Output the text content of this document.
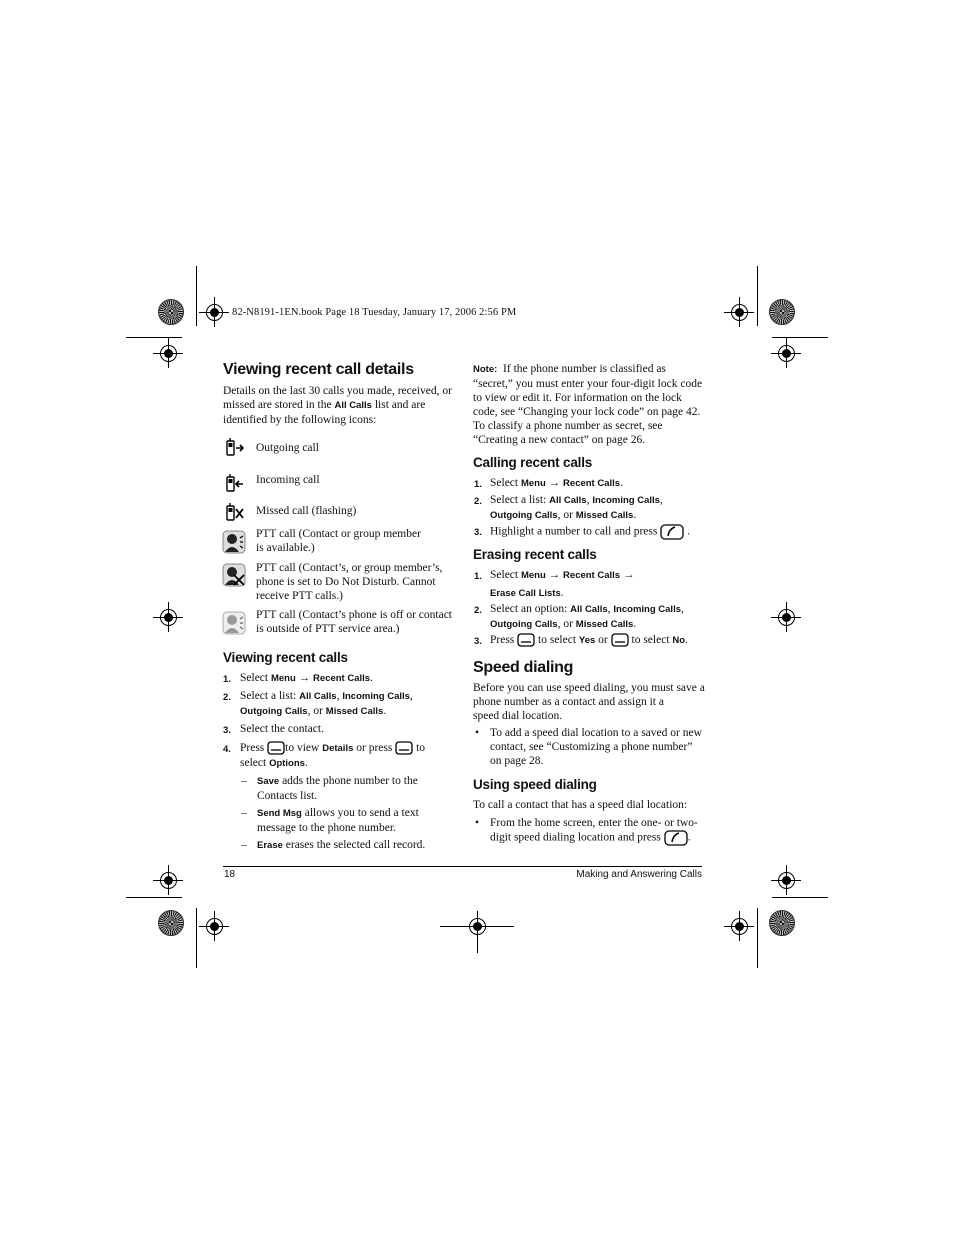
82-N8191-1EN.book Page 18 Tuesday, January 17, 2006 2:56 PM
Viewing recent call details
Details on the last 30 calls you made, received, or
missed are stored in the All Calls list and are
identified by the following icons:
Outgoing call
Incoming call
Missed call (flashing)
PTT call (Contact or group member
is available.)
PTT call (Contact’s, or group member’s,
phone is set to Do Not Disturb. Cannot
receive PTT calls.)
PTT call (Contact’s phone is off or contact
is outside of PTT service area.)
Viewing recent calls
1. Select Menu → Recent Calls.
2. Select a list: All Calls, Incoming Calls,
Outgoing Calls, or Missed Calls.
3. Select the contact.
4. Press to view Details or press  to
select Options.
– Save adds the phone number to the
Contacts list.
– Send Msg allows you to send a text
message to the phone number.
– Erase erases the selected call record.
Note: If the phone number is classified as
“secret,” you must enter your four-digit lock code
to view or edit it. For information on the lock
code, see “Changing your lock code” on page 42.
To classify a phone number as secret, see
“Creating a new contact” on page 26.
Calling recent calls
1. Select Menu → Recent Calls.
2. Select a list: All Calls, Incoming Calls,
Outgoing Calls, or Missed Calls.
3. Highlight a number to call and press  .
Erasing recent calls
1. Select Menu → Recent Calls →
Erase Call Lists.
2. Select an option: All Calls, Incoming Calls,
Outgoing Calls, or Missed Calls.
3. Press  to select Yes or  to select No.
Speed dialing
Before you can use speed dialing, you must save a
phone number as a contact and assign it a
speed dial location.
• To add a speed dial location to a saved or new
contact, see “Customizing a phone number”
on page 28.
Using speed dialing
To call a contact that has a speed dial location:
• From the home screen, enter the one- or two-
digit speed dialing location and press .
18	Making and Answering Calls
